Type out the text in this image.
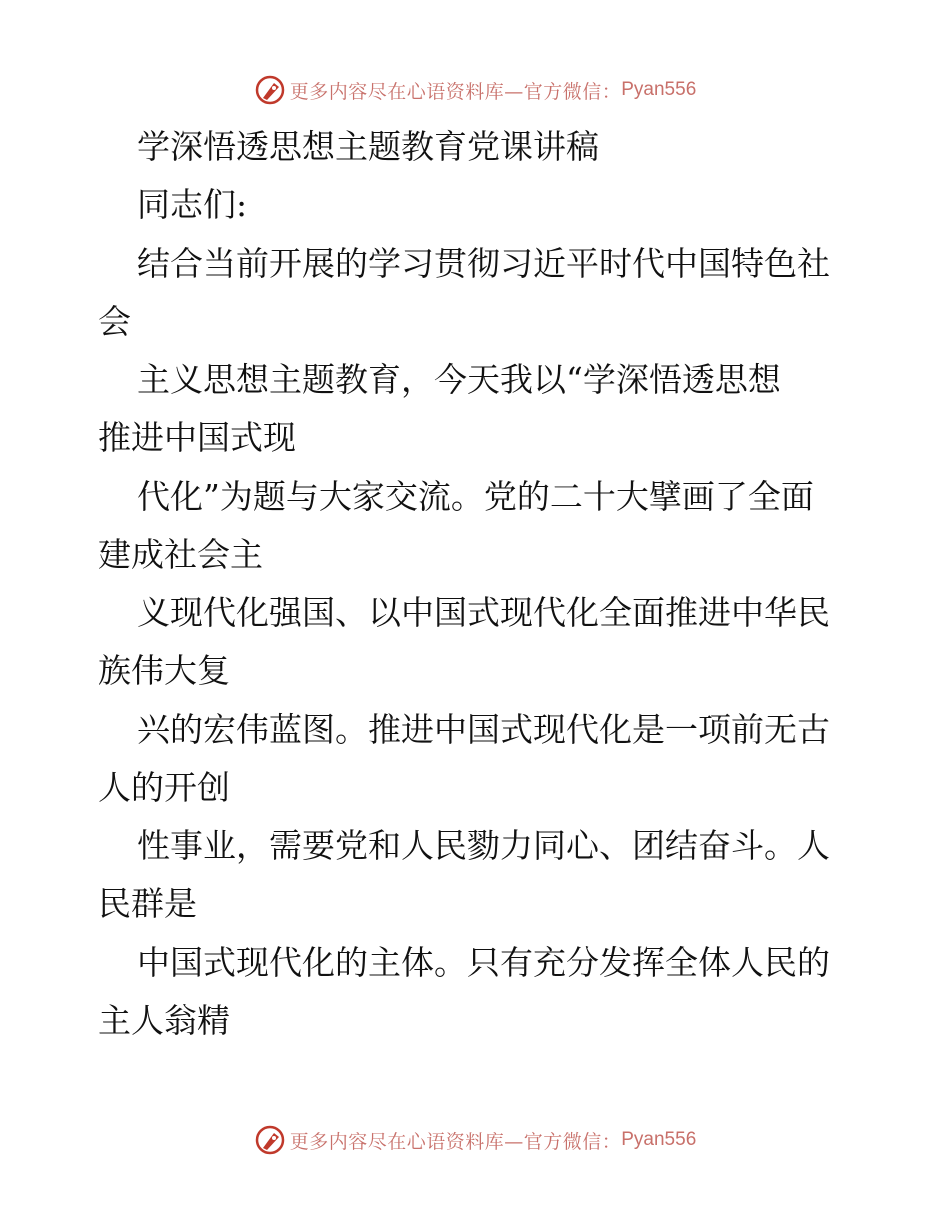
更多内容尽在心语资料库—官方微信： Pyan556
学深悟透思想主题教育党课讲稿
同志们:
结合当前开展的学习贯彻习近平时代中国特色社
会
主义思想主题教育，今天我以“学深悟透思想
推进中国式现
代化”为题与大家交流。党的二十大擘画了全面
建成社会主
义现代化强国、以中国式现代化全面推进中华民
族伟大复
兴的宏伟蓝图。推进中国式现代化是一项前无古
人的开创
性事业，需要党和人民勠力同心、团结奋斗。人
民群是
中国式现代化的主体。只有充分发挥全体人民的
主人翁精
更多内容尽在心语资料库—官方微信： Pyan556
